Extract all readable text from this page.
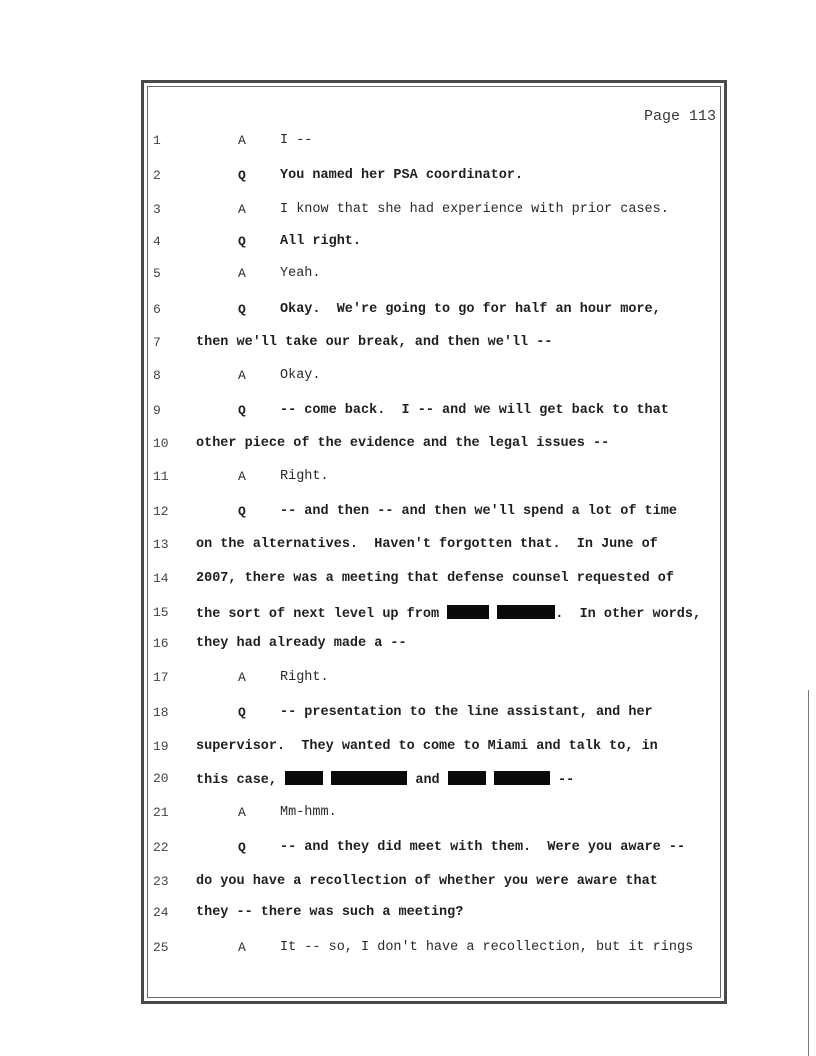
Page 113
1	A	I --
2	Q	You named her PSA coordinator.
3	A	I know that she had experience with prior cases.
4	Q	All right.
5	A	Yeah.
6	Q	Okay.  We're going to go for half an hour more,
7	then we'll take our break, and then we'll --
8	A	Okay.
9	Q	-- come back.  I -- and we will get back to that
10	other piece of the evidence and the legal issues --
11	A	Right.
12	Q	-- and then -- and then we'll spend a lot of time
13	on the alternatives.  Haven't forgotten that.  In June of
14	2007, there was a meeting that defense counsel requested of
15	the sort of next level up from	.  In other words,
16	they had already made a --
17	A	Right.
18	Q	-- presentation to the line assistant, and her
19	supervisor.  They wanted to come to Miami and talk to, in
20	this case,	and	--
21	A	Mm-hmm.
22	Q	-- and they did meet with them.  Were you aware --
23	do you have a recollection of whether you were aware that
24	they -- there was such a meeting?
25	A	It -- so, I don't have a recollection, but it rings
